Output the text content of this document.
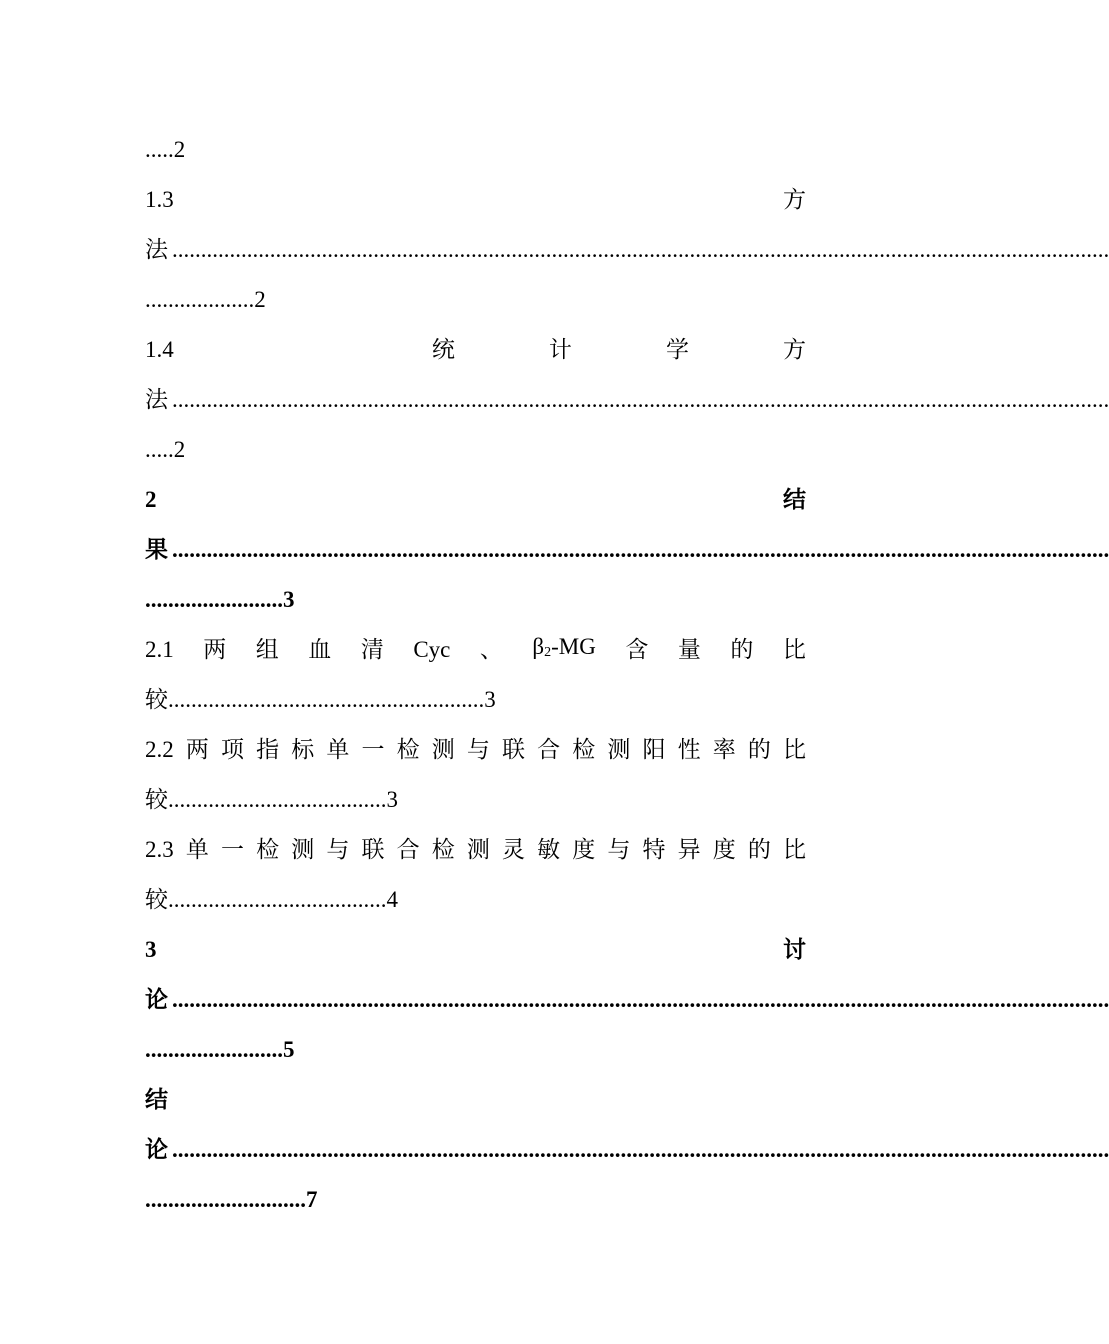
.....2
1.3	方
法 ...................................................................................................................................................................
...................2
1.4	统	计	学	方
法 ...................................................................................................................................................................
.....2
2	结
果 ...................................................................................................................................................................
........................3
2.1 两 组 血 清 Cyc 、 $\beta_2-MG$ 含 量 的 比
较.......................................................3
2.2 两 项 指 标 单 一 检 测 与 联 合 检 测 阳 性 率 的 比
较......................................3
2.3 单 一 检 测 与 联 合 检 测 灵 敏 度 与 特 异 度 的 比
较......................................4
3	讨
论 ...................................................................................................................................................................
........................5
结
论 ...................................................................................................................................................................
............................7
